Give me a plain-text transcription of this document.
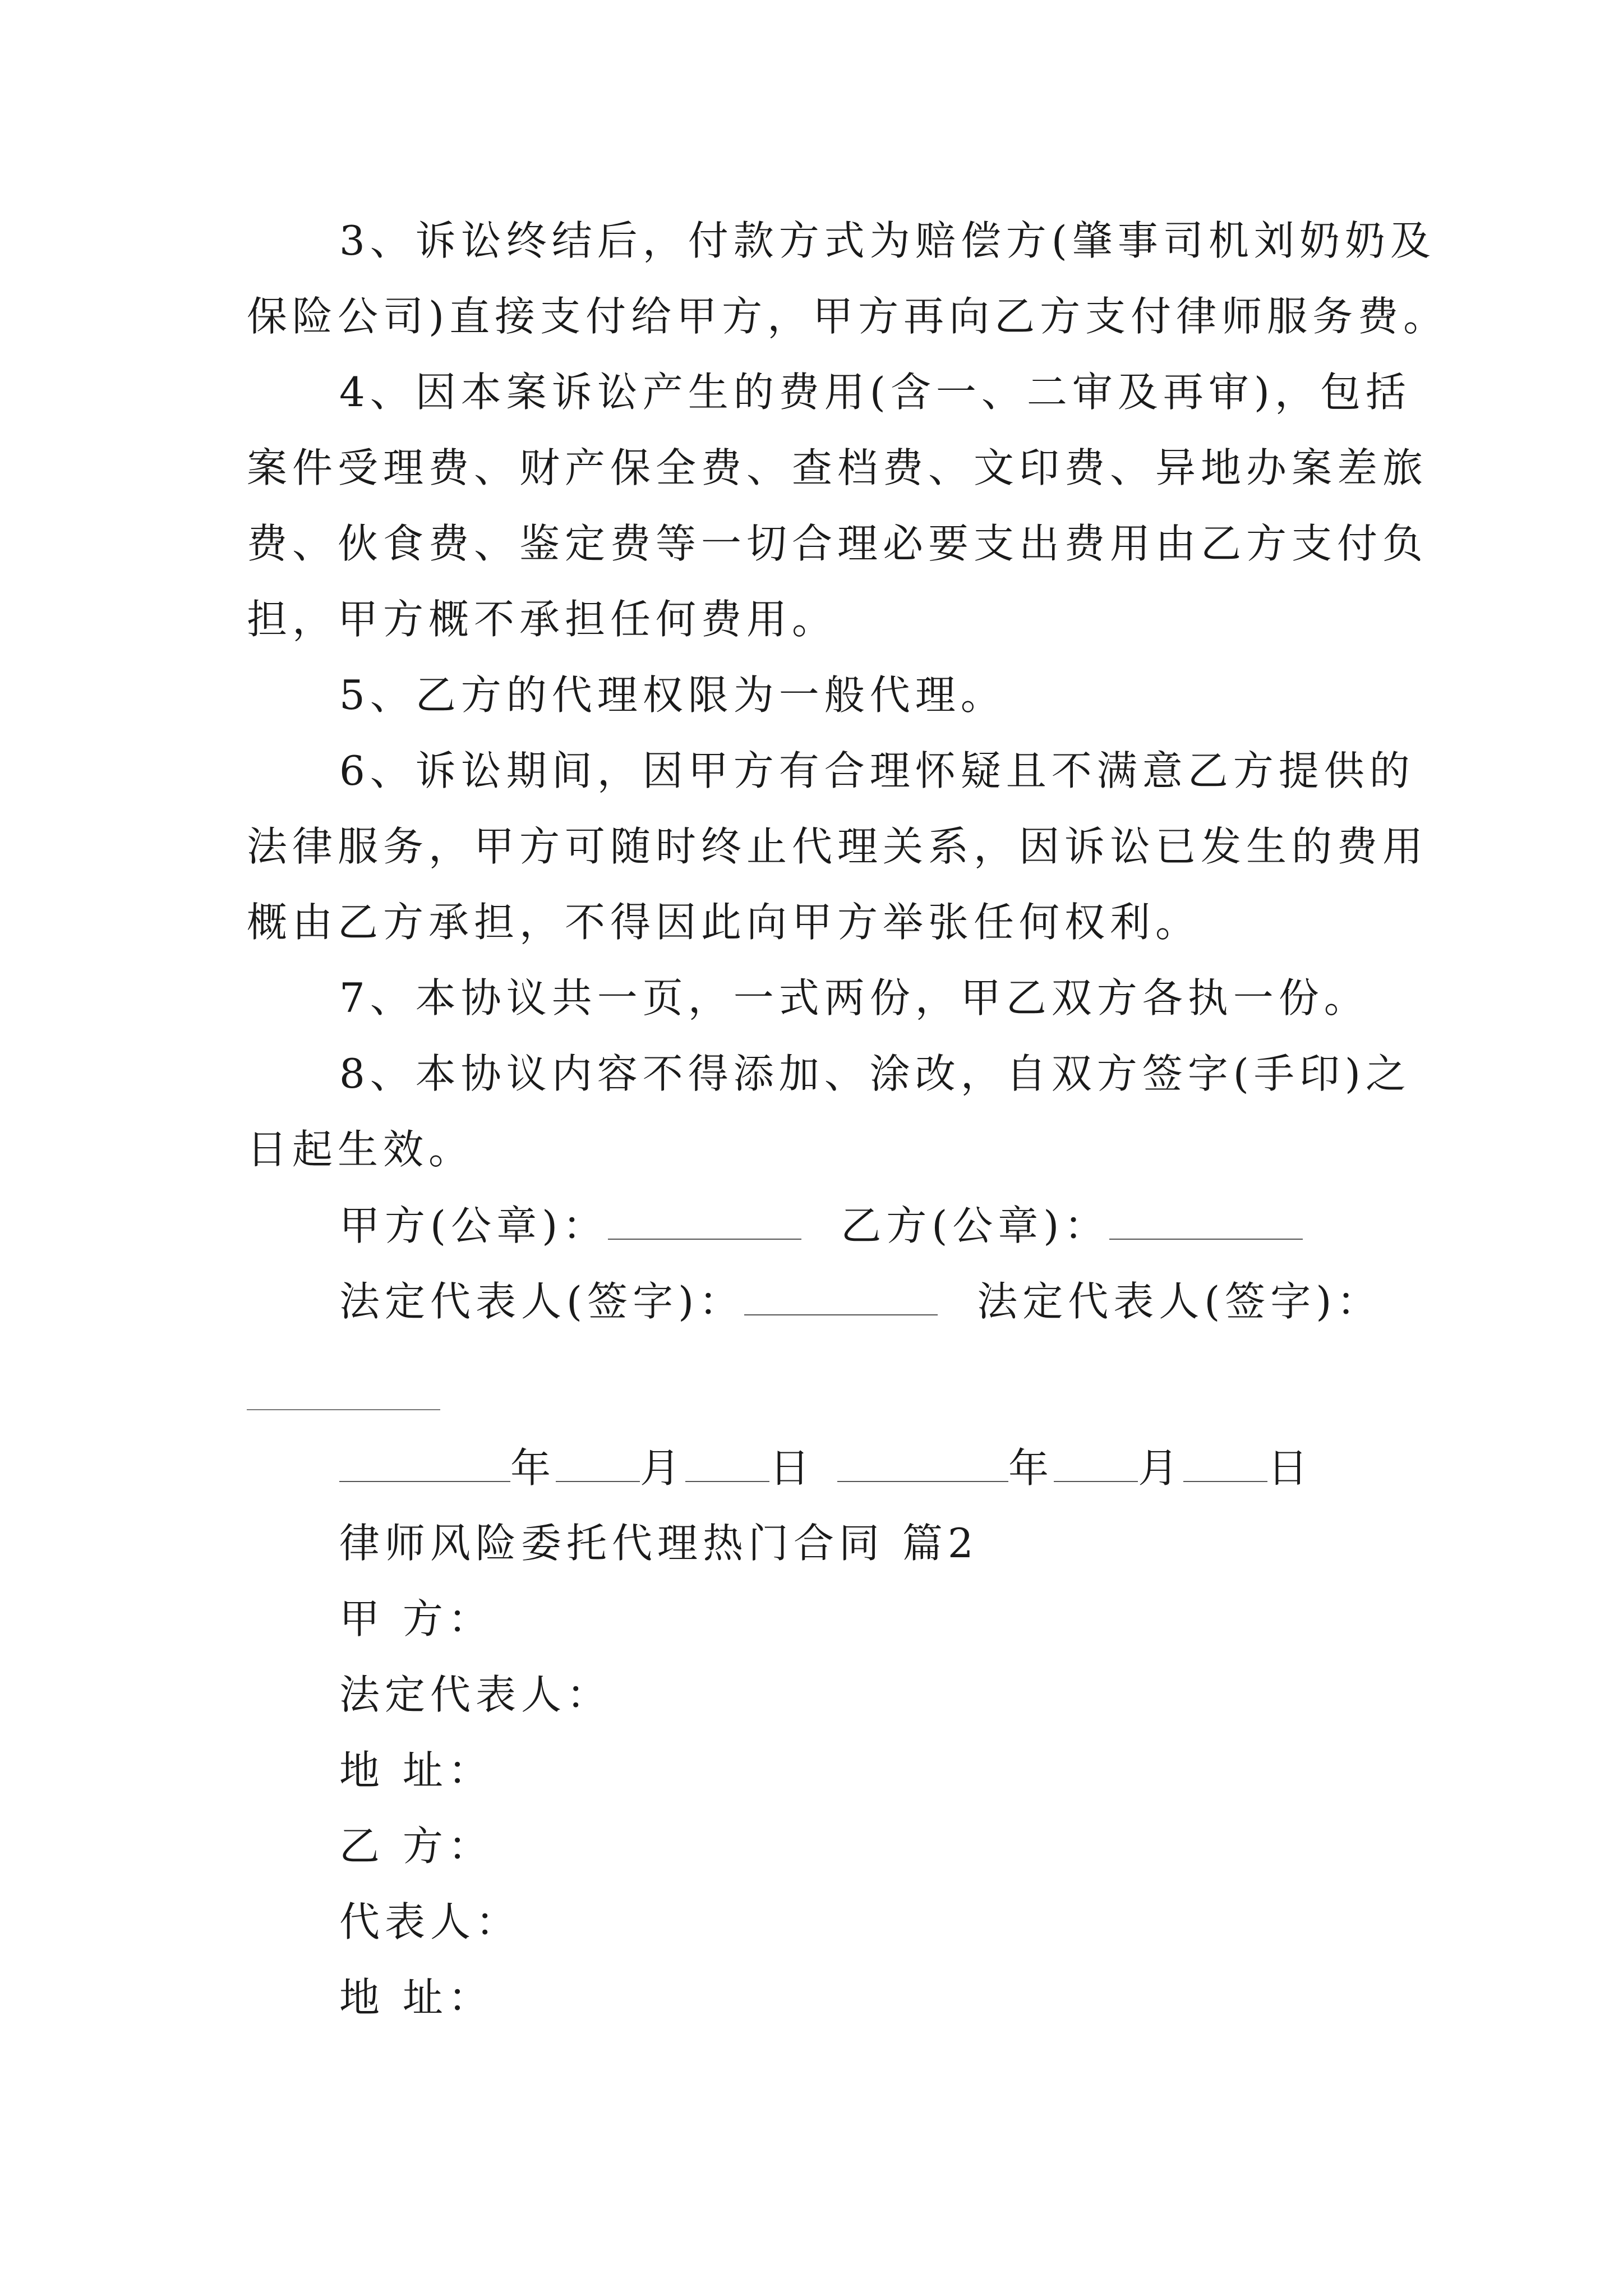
3、诉讼终结后，付款方式为赔偿方(肇事司机刘奶奶及
保险公司)直接支付给甲方，甲方再向乙方支付律师服务费。
4、因本案诉讼产生的费用(含一、二审及再审)，包括
案件受理费、财产保全费、查档费、文印费、异地办案差旅
费、伙食费、鉴定费等一切合理必要支出费用由乙方支付负
担，甲方概不承担任何费用。
5、乙方的代理权限为一般代理。
6、诉讼期间，因甲方有合理怀疑且不满意乙方提供的
法律服务，甲方可随时终止代理关系，因诉讼已发生的费用
概由乙方承担，不得因此向甲方举张任何权利。
7、本协议共一页，一式两份，甲乙双方各执一份。
8、本协议内容不得添加、涂改，自双方签字(手印)之
日起生效。
甲方(公章)：	乙方(公章)：
法定代表人(签字)：	法定代表人(签字)：
年 月 日	年 月 日
律师风险委托代理热门合同 篇2
甲 方：
法定代表人：
地 址：
乙 方：
代表人：
地 址：
